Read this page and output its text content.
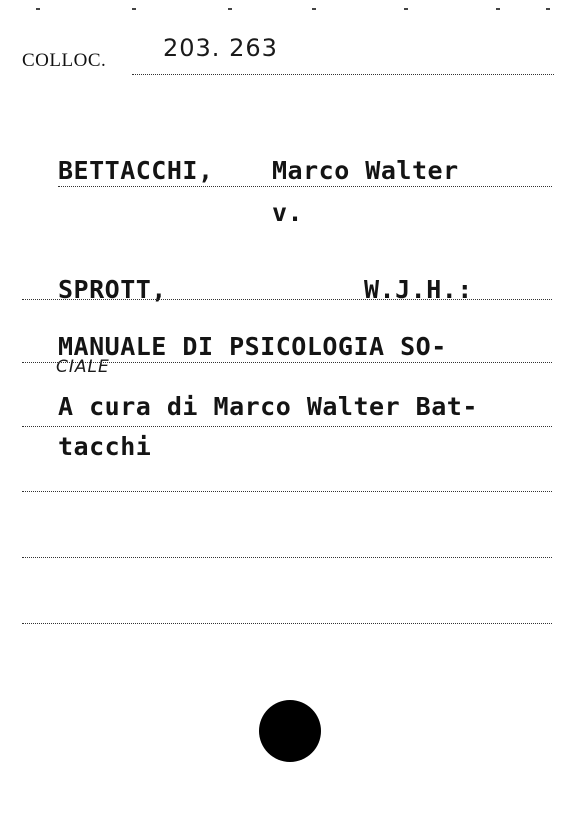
COLLOC. 203. 263
BETTACCHI, Marco Walter
v.
SPROTT,	W.J.H.:
MANUALE DI PSICOLOGIA SO-
CIALE
A cura di Marco Walter Bat-
tacchi
